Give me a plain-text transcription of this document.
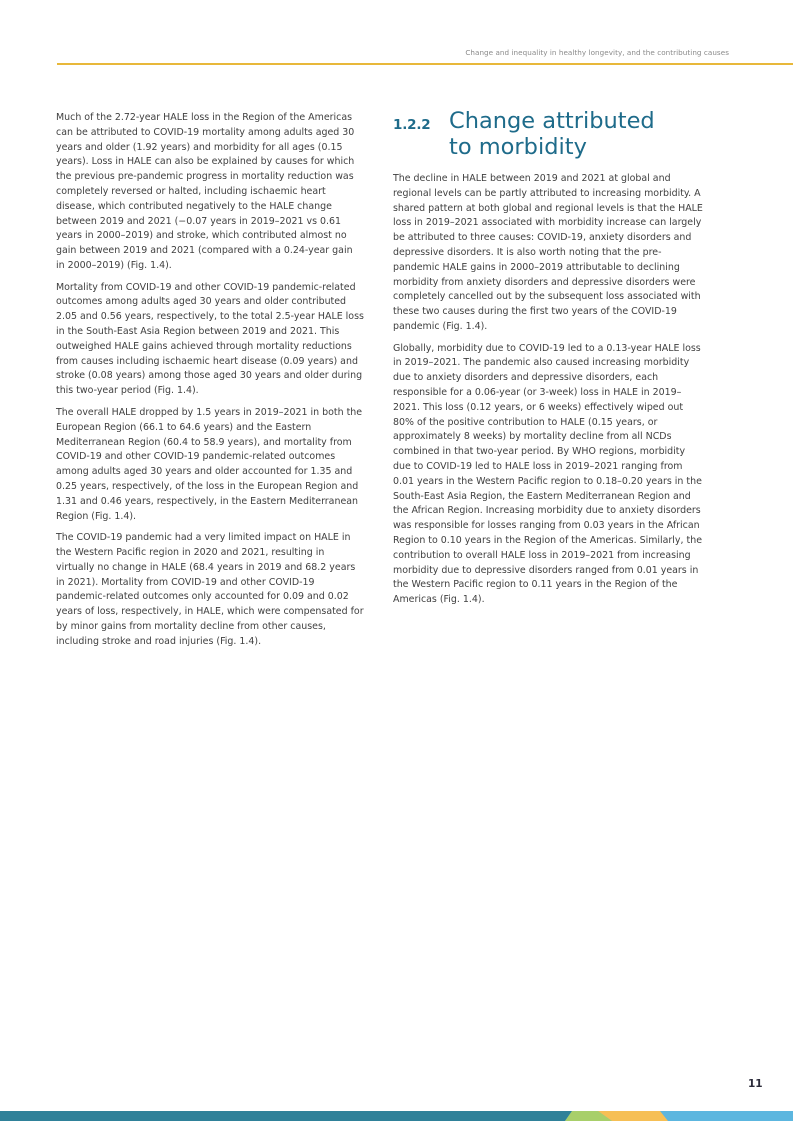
Change and inequality in healthy longevity, and the contributing causes

Much of the 2.72-year HALE loss in the Region of the Americas can be attributed to COVID-19 mortality among adults aged 30 years and older (1.92 years) and morbidity for all ages (0.15 years). Loss in HALE can also be explained by causes for which the previous pre-pandemic progress in mortality reduction was completely reversed or halted, including ischaemic heart disease, which contributed negatively to the HALE change between 2019 and 2021 (−0.07 years in 2019–2021 vs 0.61 years in 2000–2019) and stroke, which contributed almost no gain between 2019 and 2021 (compared with a 0.24-year gain in 2000–2019) (Fig. 1.4).

Mortality from COVID-19 and other COVID-19 pandemic-related outcomes among adults aged 30 years and older contributed 2.05 and 0.56 years, respectively, to the total 2.5-year HALE loss in the South-East Asia Region between 2019 and 2021. This outweighed HALE gains achieved through mortality reductions from causes including ischaemic heart disease (0.09 years) and stroke (0.08 years) among those aged 30 years and older during this two-year period (Fig. 1.4).

The overall HALE dropped by 1.5 years in 2019–2021 in both the European Region (66.1 to 64.6 years) and the Eastern Mediterranean Region (60.4 to 58.9 years), and mortality from COVID-19 and other COVID-19 pandemic-related outcomes among adults aged 30 years and older accounted for 1.35 and 0.25 years, respectively, of the loss in the European Region and 1.31 and 0.46 years, respectively, in the Eastern Mediterranean Region (Fig. 1.4).

The COVID-19 pandemic had a very limited impact on HALE in the Western Pacific region in 2020 and 2021, resulting in virtually no change in HALE (68.4 years in 2019 and 68.2 years in 2021). Mortality from COVID-19 and other COVID-19 pandemic-related outcomes only accounted for 0.09 and 0.02 years of loss, respectively, in HALE, which were compensated for by minor gains from mortality decline from other causes, including stroke and road injuries (Fig. 1.4).

1.2.2 Change attributed to morbidity

The decline in HALE between 2019 and 2021 at global and regional levels can be partly attributed to increasing morbidity. A shared pattern at both global and regional levels is that the HALE loss in 2019–2021 associated with morbidity increase can largely be attributed to three causes: COVID-19, anxiety disorders and depressive disorders. It is also worth noting that the pre-pandemic HALE gains in 2000–2019 attributable to declining morbidity from anxiety disorders and depressive disorders were completely cancelled out by the subsequent loss associated with these two causes during the first two years of the COVID-19 pandemic (Fig. 1.4).

Globally, morbidity due to COVID-19 led to a 0.13-year HALE loss in 2019–2021. The pandemic also caused increasing morbidity due to anxiety disorders and depressive disorders, each responsible for a 0.06-year (or 3-week) loss in HALE in 2019–2021. This loss (0.12 years, or 6 weeks) effectively wiped out 80% of the positive contribution to HALE (0.15 years, or approximately 8 weeks) by mortality decline from all NCDs combined in that two-year period. By WHO regions, morbidity due to COVID-19 led to HALE loss in 2019–2021 ranging from 0.01 years in the Western Pacific region to 0.18–0.20 years in the South-East Asia Region, the Eastern Mediterranean Region and the African Region. Increasing morbidity due to anxiety disorders was responsible for losses ranging from 0.03 years in the African Region to 0.10 years in the Region of the Americas. Similarly, the contribution to overall HALE loss in 2019–2021 from increasing morbidity due to depressive disorders ranged from 0.01 years in the Western Pacific region to 0.11 years in the Region of the Americas (Fig. 1.4).

11
